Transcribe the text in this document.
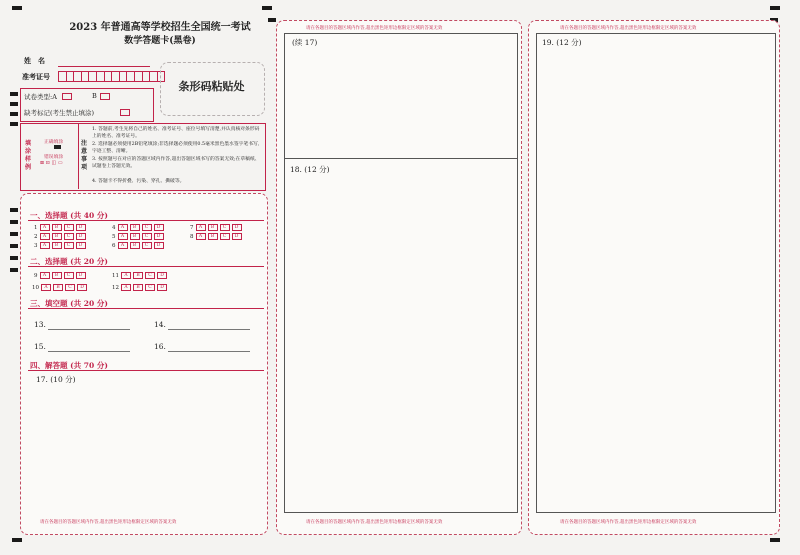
2023 年普通高等学校招生全国统一考试
数学答题卡(黑卷)
姓　名
准考证号
条形码粘贴处
试卷类型:A	B
缺考标记(考生禁止填涂)
填涂样例
正确填涂
错误填涂
⊠ ⊡ ◫ ▭
注意事项
1. 答题前,考生先将自己的姓名、准考证号、座位号填写清楚,并认真核对条形码上的姓名、准考证号。
2. 选择题必须使用2B铅笔填涂;非选择题必须使用0.5毫米黑色墨水签字笔书写,字迹工整、清晰。
3. 按照题号在对应的答题区域内作答,超出答题区域书写的答案无效;在草稿纸、试题卷上答题无效。
4. 答题卡不得折叠、污染、穿孔、撕破等。
一、选择题 (共 40 分)
1	A	B	C	D
2	A	B	C	D
3	A	B	C	D
4	A	B	C	D
5	A	B	C	D
6	A	B	C	D
7	A	B	C	D
8	A	B	C	D
二、选择题 (共 20 分)
9	A	B	C	D
10	A	B	C	D
11	A	B	C	D
12	A	B	C	D
三、填空题 (共 20 分)
13.	14.
15.	16.
四、解答题 (共 70 分)
17. (10 分)
请在各题目的答题区域内作答,超出黑色矩形边框限定区域的答案无效
请在各题目的答题区域内作答,超出黑色矩形边框限定区域的答案无效
(续 17)
18. (12 分)
请在各题目的答题区域内作答,超出黑色矩形边框限定区域的答案无效
请在各题目的答题区域内作答,超出黑色矩形边框限定区域的答案无效
19. (12 分)
请在各题目的答题区域内作答,超出黑色矩形边框限定区域的答案无效
